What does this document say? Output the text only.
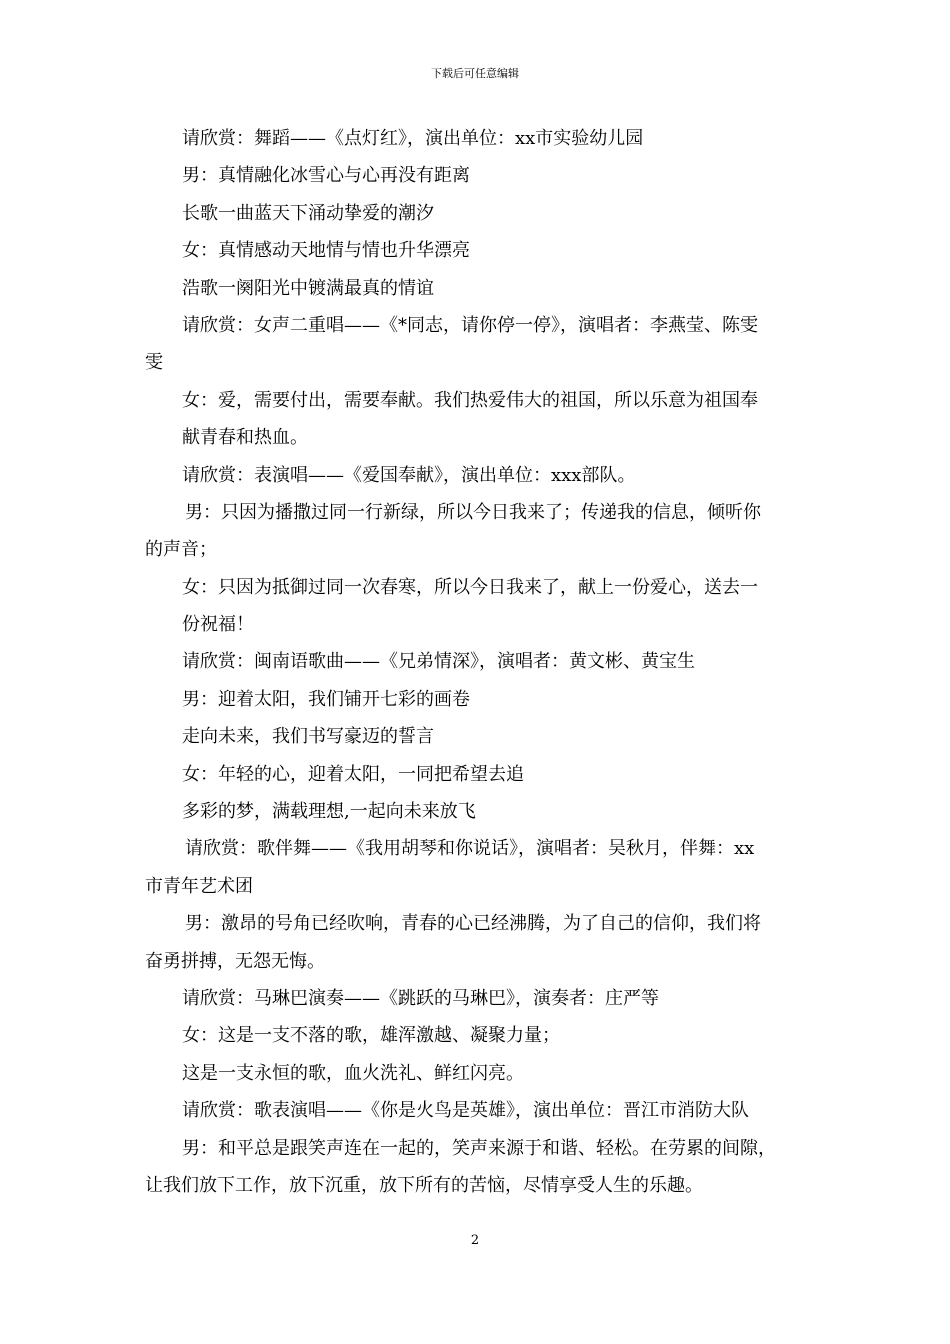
下载后可任意编辑
请欣赏：舞蹈——《点灯红》，演出单位：xx市实验幼儿园
男：真情融化冰雪心与心再没有距离
长歌一曲蓝天下涌动挚爱的潮汐
女：真情感动天地情与情也升华漂亮
浩歌一阕阳光中镀满最真的情谊
请欣赏：女声二重唱——《*同志，请你停一停》，演唱者：李燕莹、陈雯
雯
女：爱，需要付出，需要奉献。我们热爱伟大的祖国，所以乐意为祖国奉
献青春和热血。
请欣赏：表演唱——《爱国奉献》，演出单位：xxx部队。
男：只因为播撒过同一行新绿，所以今日我来了；传递我的信息，倾听你
的声音；
女：只因为抵御过同一次春寒，所以今日我来了，献上一份爱心，送去一
份祝福！
请欣赏：闽南语歌曲——《兄弟情深》，演唱者：黄文彬、黄宝生
男：迎着太阳，我们铺开七彩的画卷
走向未来，我们书写豪迈的誓言
女：年轻的心，迎着太阳，一同把希望去追
多彩的梦，满载理想,一起向未来放飞
请欣赏：歌伴舞——《我用胡琴和你说话》，演唱者：吴秋月，伴舞：xx
市青年艺术团
男：激昂的号角已经吹响，青春的心已经沸腾，为了自己的信仰，我们将
奋勇拼搏，无怨无悔。
请欣赏：马琳巴演奏——《跳跃的马琳巴》，演奏者：庄严等
女：这是一支不落的歌，雄浑激越、凝聚力量；
这是一支永恒的歌，血火洗礼、鲜红闪亮。
请欣赏：歌表演唱——《你是火鸟是英雄》，演出单位：晋江市消防大队
男：和平总是跟笑声连在一起的，笑声来源于和谐、轻松。在劳累的间隙，
让我们放下工作，放下沉重，放下所有的苦恼，尽情享受人生的乐趣。
2
